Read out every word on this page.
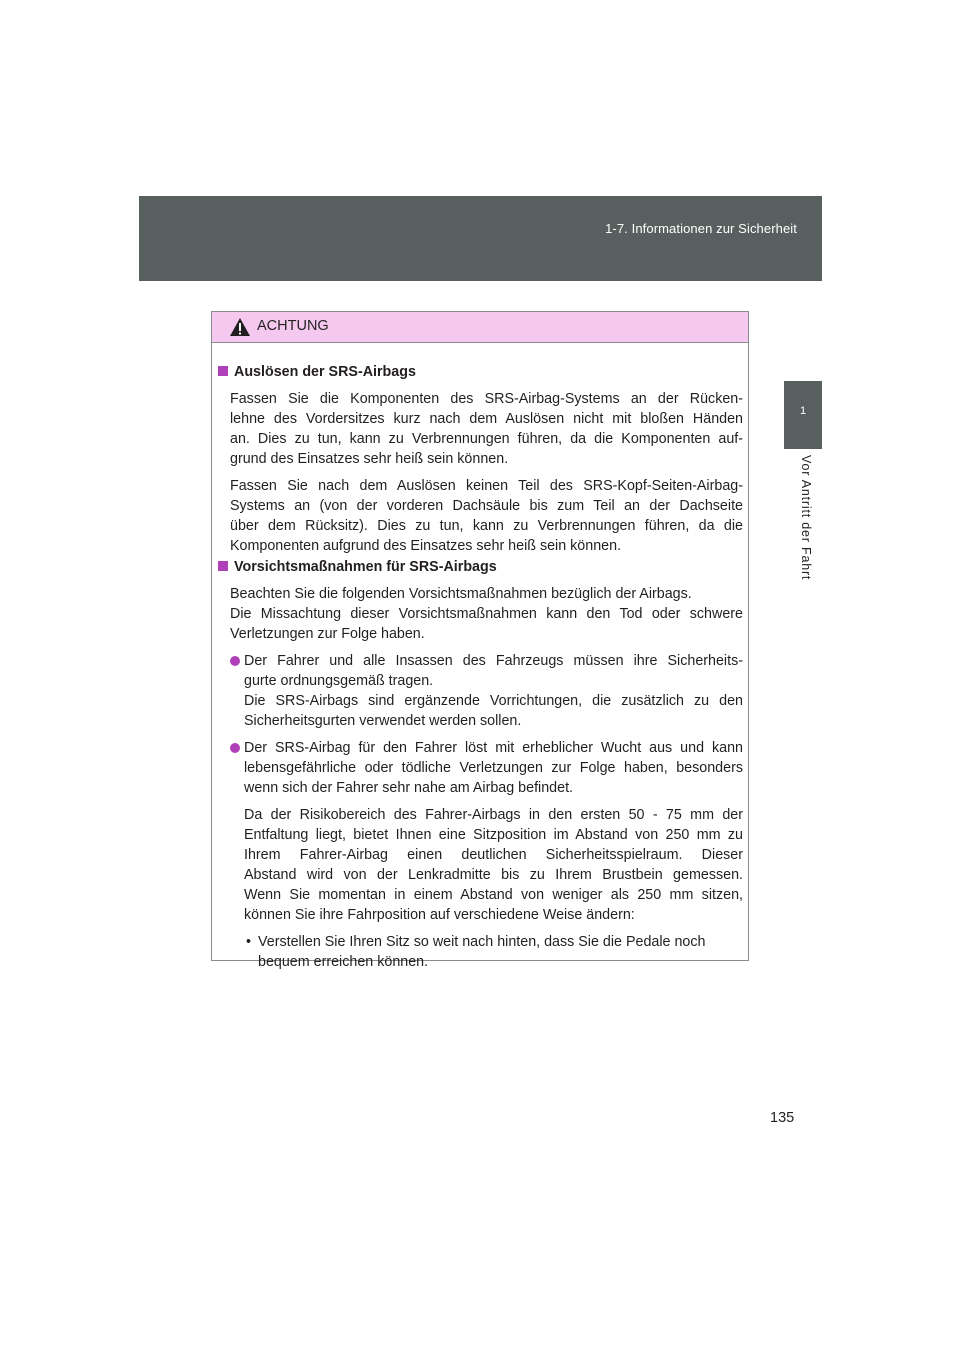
1-7. Informationen zur Sicherheit
1
Vor Antritt der Fahrt
ACHTUNG
Auslösen der SRS-Airbags
Fassen Sie die Komponenten des SRS-Airbag-Systems an der Rücken-
lehne des Vordersitzes kurz nach dem Auslösen nicht mit bloßen Händen
an. Dies zu tun, kann zu Verbrennungen führen, da die Komponenten auf-
grund des Einsatzes sehr heiß sein können.
Fassen Sie nach dem Auslösen keinen Teil des SRS-Kopf-Seiten-Airbag-
Systems an (von der vorderen Dachsäule bis zum Teil an der Dachseite
über dem Rücksitz). Dies zu tun, kann zu Verbrennungen führen, da die
Komponenten aufgrund des Einsatzes sehr heiß sein können.
Vorsichtsmaßnahmen für SRS-Airbags
Beachten Sie die folgenden Vorsichtsmaßnahmen bezüglich der Airbags.
Die Missachtung dieser Vorsichtsmaßnahmen kann den Tod oder schwere
Verletzungen zur Folge haben.
Der Fahrer und alle Insassen des Fahrzeugs müssen ihre Sicherheits-
gurte ordnungsgemäß tragen.
Die SRS-Airbags sind ergänzende Vorrichtungen, die zusätzlich zu den
Sicherheitsgurten verwendet werden sollen.
Der SRS-Airbag für den Fahrer löst mit erheblicher Wucht aus und kann
lebensgefährliche oder tödliche Verletzungen zur Folge haben, besonders
wenn sich der Fahrer sehr nahe am Airbag befindet.
Da der Risikobereich des Fahrer-Airbags in den ersten 50 - 75 mm der
Entfaltung liegt, bietet Ihnen eine Sitzposition im Abstand von 250 mm zu
Ihrem Fahrer-Airbag einen deutlichen Sicherheitsspielraum. Dieser
Abstand wird von der Lenkradmitte bis zu Ihrem Brustbein gemessen.
Wenn Sie momentan in einem Abstand von weniger als 250 mm sitzen,
können Sie ihre Fahrposition auf verschiedene Weise ändern:
• Verstellen Sie Ihren Sitz so weit nach hinten, dass Sie die Pedale noch
bequem erreichen können.
135
